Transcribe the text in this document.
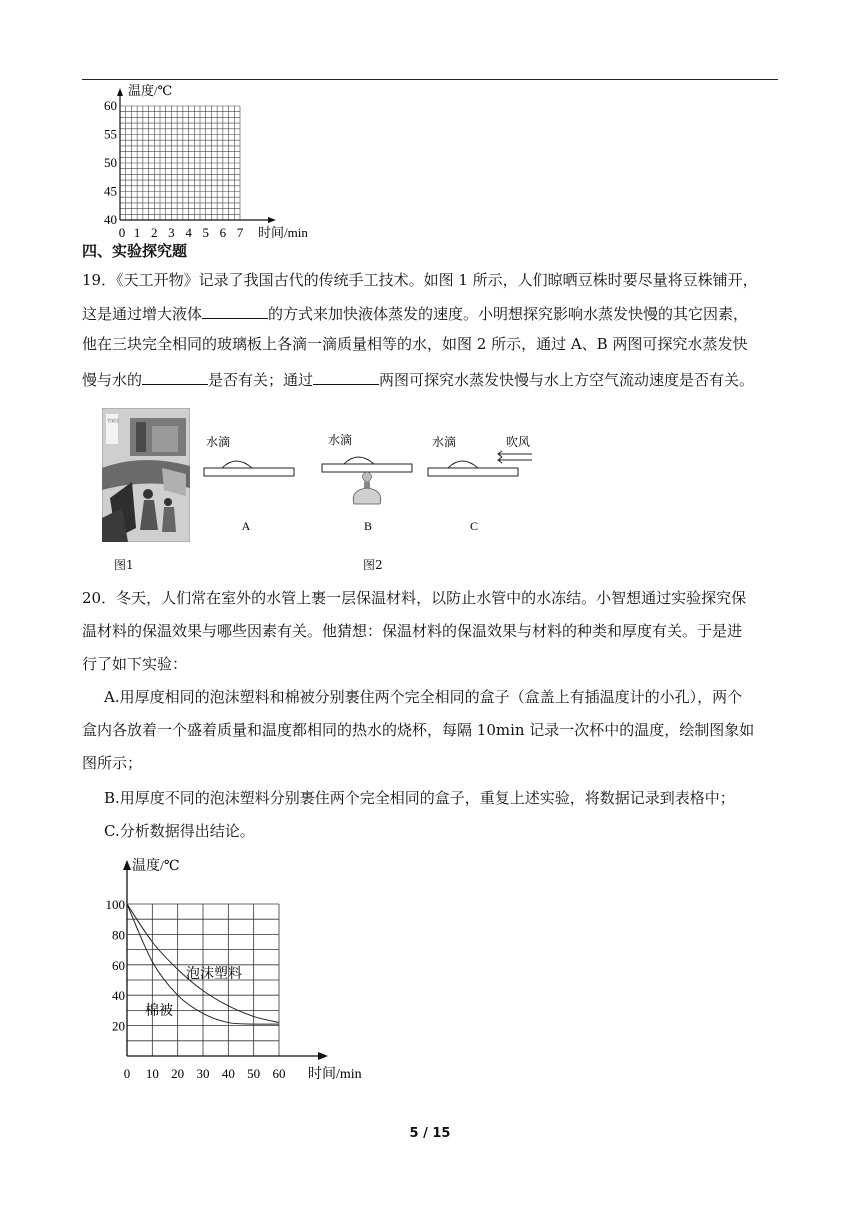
温度/℃
60
55
50
45
40
0 1 2 3 4 5 6 7 时间/min
四、实验探究题
19．《天工开物》记录了我国古代的传统手工技术。如图 1 所示，人们晾晒豆株时要尽量将豆株铺开，
这是通过增大液体	的方式来加快液体蒸发的速度。小明想探究影响水蒸发快慢的其它因素，
他在三块完全相同的玻璃板上各滴一滴质量相等的水，如图 2 所示，通过 A、B 两图可探究水蒸发快
慢与水的	是否有关；通过	两图可探究水蒸发快慢与水上方空气流动速度是否有关。
竹炭豆
图1
水滴
A
水滴
B
水滴	吹风
C
图2
20．冬天，人们常在室外的水管上裹一层保温材料，以防止水管中的水冻结。小智想通过实验探究保
温材料的保温效果与哪些因素有关。他猜想：保温材料的保温效果与材料的种类和厚度有关。于是进
行了如下实验：
A.用厚度相同的泡沫塑料和棉被分别裹住两个完全相同的盒子（盒盖上有插温度计的小孔），两个
盒内各放着一个盛着质量和温度都相同的热水的烧杯，每隔 10min 记录一次杯中的温度，绘制图象如
图所示；
B.用厚度不同的泡沫塑料分别裹住两个完全相同的盒子，重复上述实验，将数据记录到表格中；
C.分析数据得出结论。
温度/℃
20
40
60
80
100
0 10 20 30 40 50 60
泡沫塑料
棉被
时间/min
5 / 15
